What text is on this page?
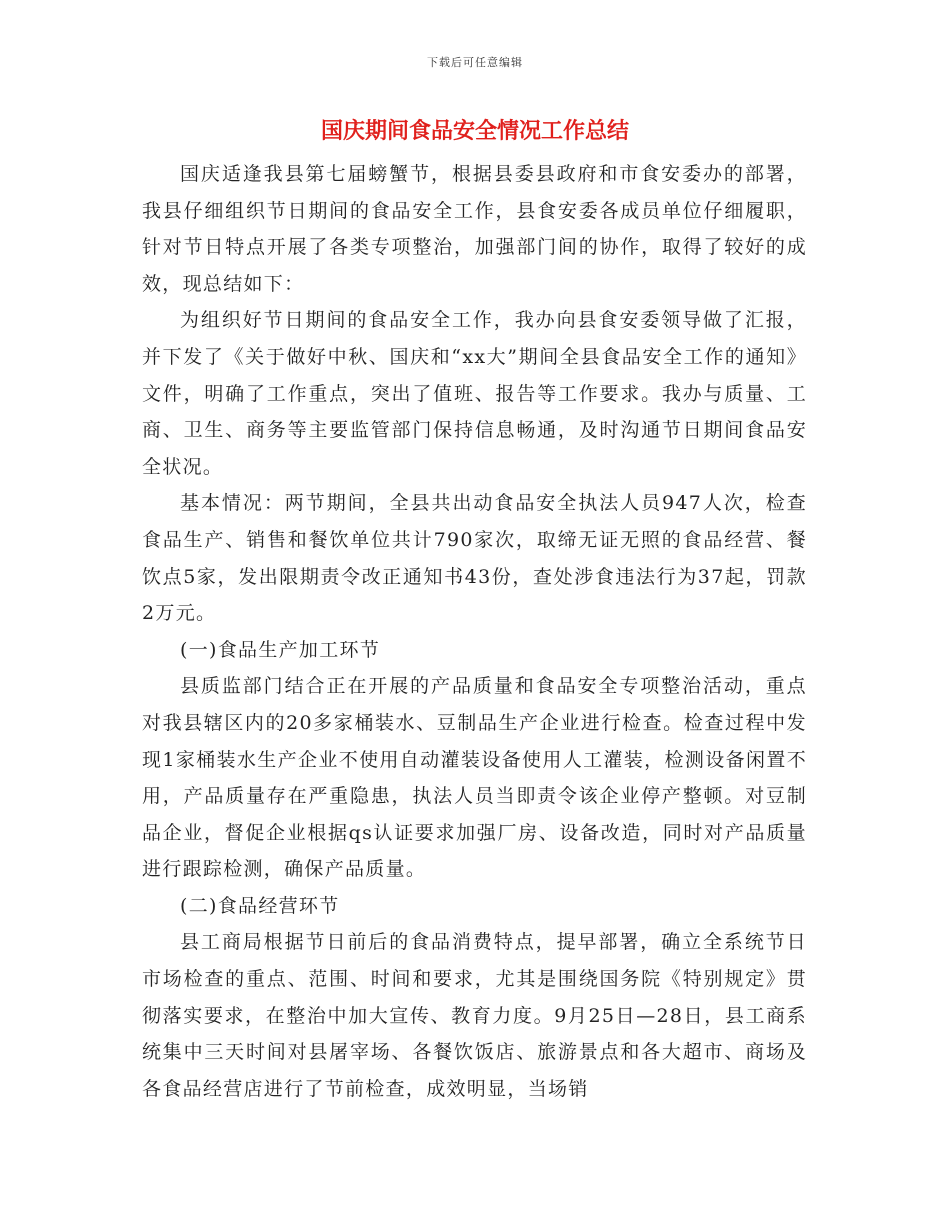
下载后可任意编辑
国庆期间食品安全情况工作总结

国庆适逢我县第七届螃蟹节，根据县委县政府和市食安委办的部署，我县仔细组织节日期间的食品安全工作，县食安委各成员单位仔细履职，针对节日特点开展了各类专项整治，加强部门间的协作，取得了较好的成效，现总结如下：

为组织好节日期间的食品安全工作，我办向县食安委领导做了汇报，并下发了《关于做好中秋、国庆和“xx大”期间全县食品安全工作的通知》文件，明确了工作重点，突出了值班、报告等工作要求。我办与质量、工商、卫生、商务等主要监管部门保持信息畅通，及时沟通节日期间食品安全状况。

基本情况：两节期间，全县共出动食品安全执法人员947人次，检查食品生产、销售和餐饮单位共计790家次，取缔无证无照的食品经营、餐饮点5家，发出限期责令改正通知书43份，查处涉食违法行为37起，罚款2万元。

(一)食品生产加工环节

县质监部门结合正在开展的产品质量和食品安全专项整治活动，重点对我县辖区内的20多家桶装水、豆制品生产企业进行检查。检查过程中发现1家桶装水生产企业不使用自动灌装设备使用人工灌装，检测设备闲置不用，产品质量存在严重隐患，执法人员当即责令该企业停产整顿。对豆制品企业，督促企业根据qs认证要求加强厂房、设备改造，同时对产品质量进行跟踪检测，确保产品质量。

(二)食品经营环节

县工商局根据节日前后的食品消费特点，提早部署，确立全系统节日市场检查的重点、范围、时间和要求，尤其是围绕国务院《特别规定》贯彻落实要求，在整治中加大宣传、教育力度。9月25日—28日，县工商系统集中三天时间对县屠宰场、各餐饮饭店、旅游景点和各大超市、商场及各食品经营店进行了节前检查，成效明显，当场销
